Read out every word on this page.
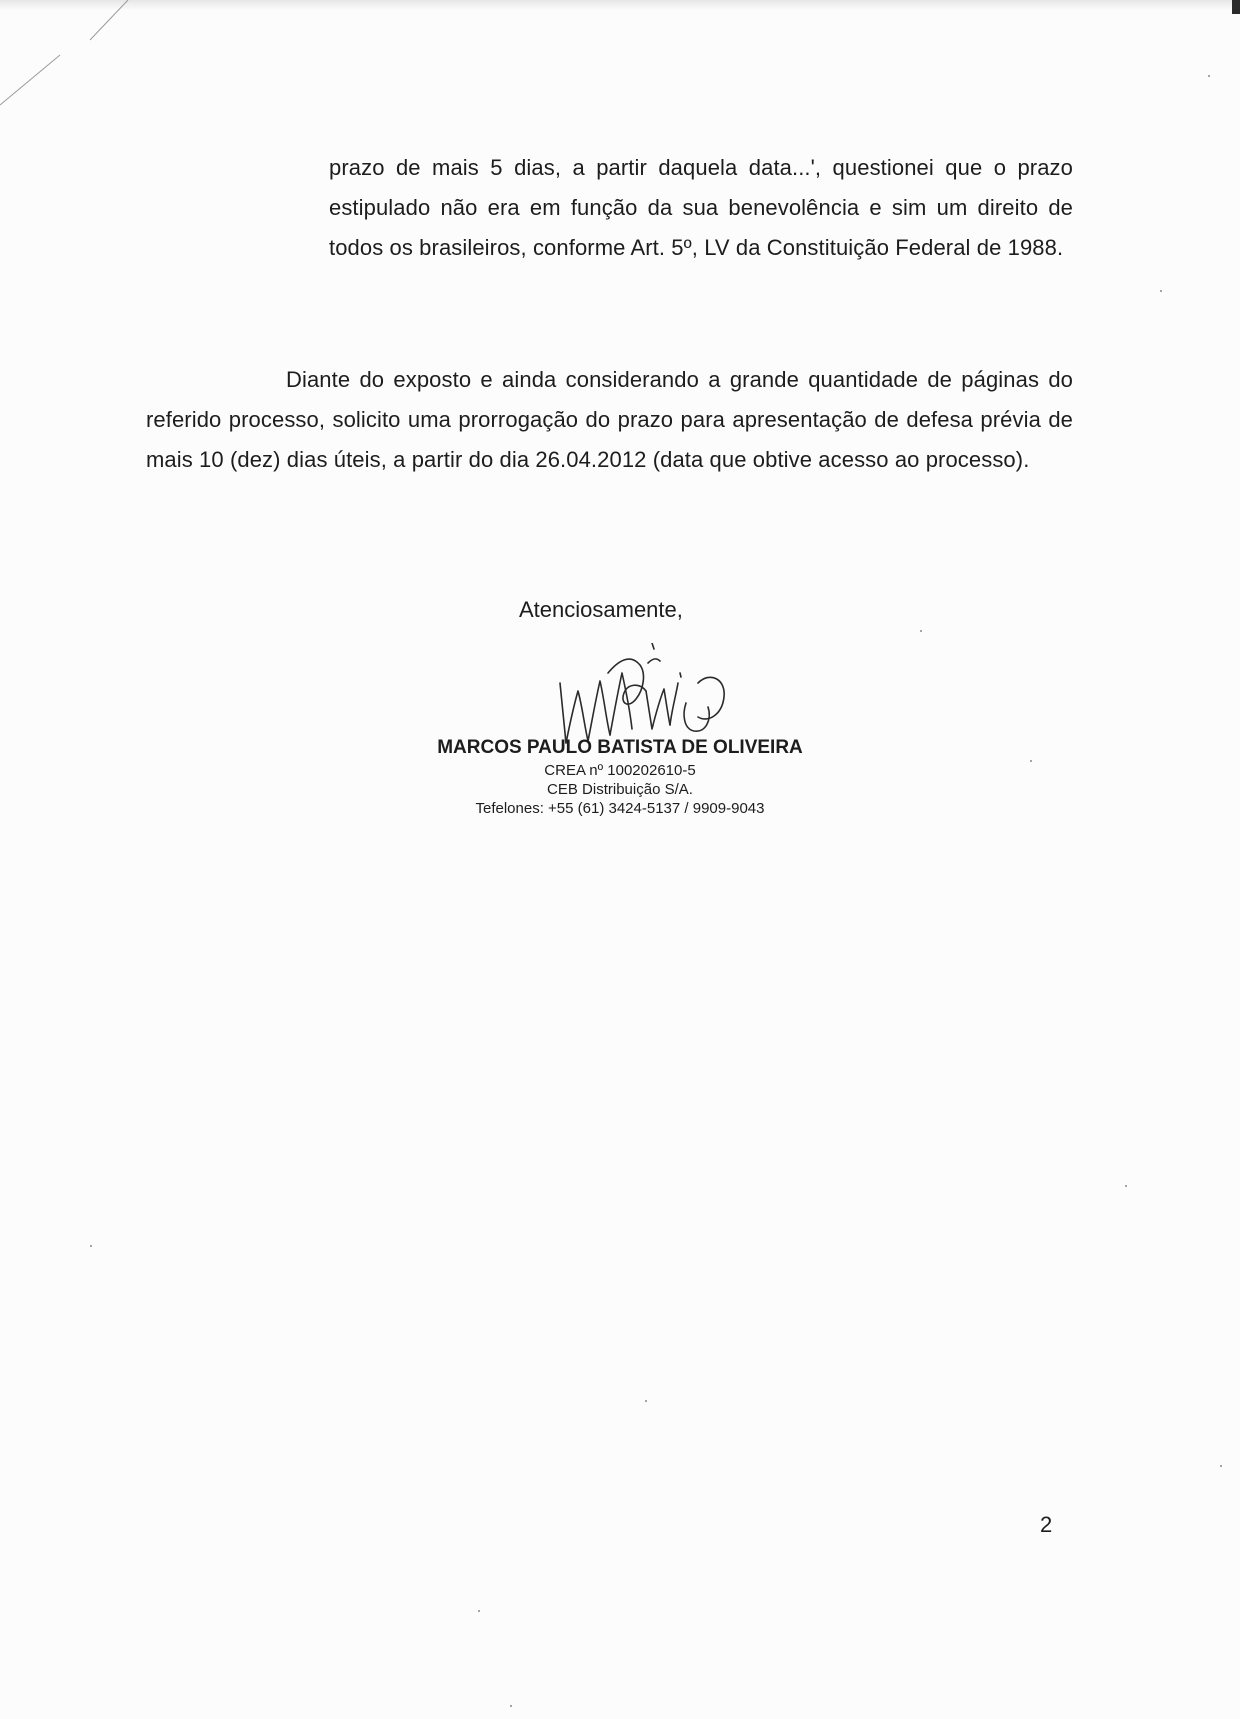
prazo de mais 5 dias, a partir daquela data...', questionei que o prazo estipulado não era em função da sua benevolência e sim um direito de todos os brasileiros, conforme Art. 5º, LV da Constituição Federal de 1988.

Diante do exposto e ainda considerando a grande quantidade de páginas do referido processo, solicito uma prorrogação do prazo para apresentação de defesa prévia de mais 10 (dez) dias úteis, a partir do dia 26.04.2012 (data que obtive acesso ao processo).

Atenciosamente,

MARCOS PAULO BATISTA DE OLIVEIRA
CREA nº 100202610-5
CEB Distribuição S/A.
Tefelones: +55 (61) 3424-5137 / 9909-9043

2
